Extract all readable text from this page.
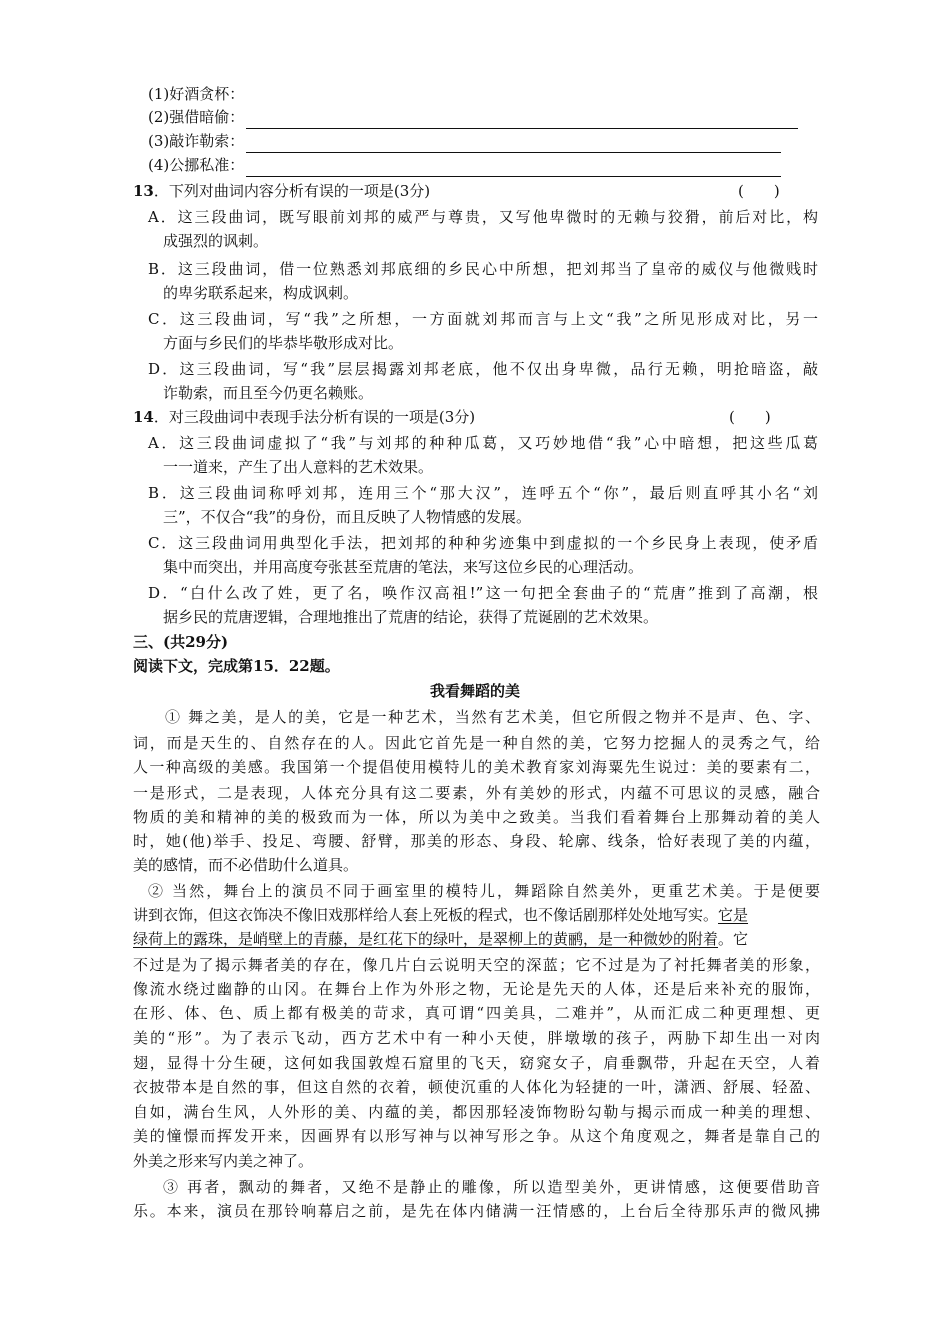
(1)好酒贪杯：
(2)强借暗偷：
(3)敲诈勒索：
(4)公挪私准：
13．下列对曲词内容分析有误的一项是(3分)	(　　)
A．这三段曲词，既写眼前刘邦的威严与尊贵，又写他卑微时的无赖与狡猾，前后对比，构
成强烈的讽刺。
B．这三段曲词，借一位熟悉刘邦底细的乡民心中所想，把刘邦当了皇帝的威仪与他微贱时
的卑劣联系起来，构成讽刺。
C．这三段曲词，写“我”之所想，一方面就刘邦而言与上文“我”之所见形成对比，另一
方面与乡民们的毕恭毕敬形成对比。
D．这三段曲词，写“我”层层揭露刘邦老底，他不仅出身卑微，品行无赖，明抢暗盗，敲
诈勒索，而且至今仍更名赖账。
14．对三段曲词中表现手法分析有误的一项是(3分)	(　　)
A．这三段曲词虚拟了“我”与刘邦的种种瓜葛，又巧妙地借“我”心中暗想，把这些瓜葛
一一道来，产生了出人意料的艺术效果。
B．这三段曲词称呼刘邦，连用三个“那大汉”，连呼五个“你”，最后则直呼其小名“刘
三”，不仅合“我”的身份，而且反映了人物情感的发展。
C．这三段曲词用典型化手法，把刘邦的种种劣迹集中到虚拟的一个乡民身上表现，使矛盾
集中而突出，并用高度夸张甚至荒唐的笔法，来写这位乡民的心理活动。
D．“白什么改了姓，更了名，唤作汉高祖!”这一句把全套曲子的“荒唐”推到了高潮，根
据乡民的荒唐逻辑，合理地推出了荒唐的结论，获得了荒诞剧的艺术效果。
三、(共29分)
阅读下文，完成第15．22题。
我看舞蹈的美
① 舞之美，是人的美，它是一种艺术，当然有艺术美，但它所假之物并不是声、色、字、
词，而是天生的、自然存在的人。因此它首先是一种自然的美，它努力挖掘人的灵秀之气，给
人一种高级的美感。我国第一个提倡使用模特儿的美术教育家刘海粟先生说过：美的要素有二，
一是形式，二是表现，人体充分具有这二要素，外有美妙的形式，内蕴不可思议的灵感，融合
物质的美和精神的美的极致而为一体，所以为美中之致美。当我们看着舞台上那舞动着的美人
时，她(他)举手、投足、弯腰、舒臂，那美的形态、身段、轮廓、线条，恰好表现了美的内蕴，
美的感情，而不必借助什么道具。
② 当然，舞台上的演员不同于画室里的模特儿，舞蹈除自然美外，更重艺术美。于是便要
讲到衣饰，但这衣饰决不像旧戏那样给人套上死板的程式，也不像话剧那样处处地写实。它是
绿荷上的露珠，是峭壁上的青藤，是红花下的绿叶，是翠柳上的黄鹂，是一种微妙的附着。它
不过是为了揭示舞者美的存在，像几片白云说明天空的深蓝；它不过是为了衬托舞者美的形象，
像流水绕过幽静的山冈。在舞台上作为外形之物，无论是先天的人体，还是后来补充的服饰，
在形、体、色、质上都有极美的苛求，真可谓“四美具，二难并”，从而汇成二种更理想、更
美的“形”。为了表示飞动，西方艺术中有一种小天使，胖墩墩的孩子，两胁下却生出一对肉
翅，显得十分生硬，这何如我国敦煌石窟里的飞天，窈窕女子，肩垂飘带，升起在天空，人着
衣披带本是自然的事，但这自然的衣着，顿使沉重的人体化为轻捷的一叶，潇洒、舒展、轻盈、
自如，满台生风，人外形的美、内蕴的美，都因那轻凌饰物盼勾勒与揭示而成一种美的理想、
美的憧憬而挥发开来，因画界有以形写神与以神写形之争。从这个角度观之，舞者是靠自己的
外美之形来写内美之神了。
③ 再者，飘动的舞者，又绝不是静止的雕像，所以造型美外，更讲情感，这便要借助音
乐。本来，演员在那铃响幕启之前，是先在体内储满一汪情感的，上台后全待那乐声的微风拂
